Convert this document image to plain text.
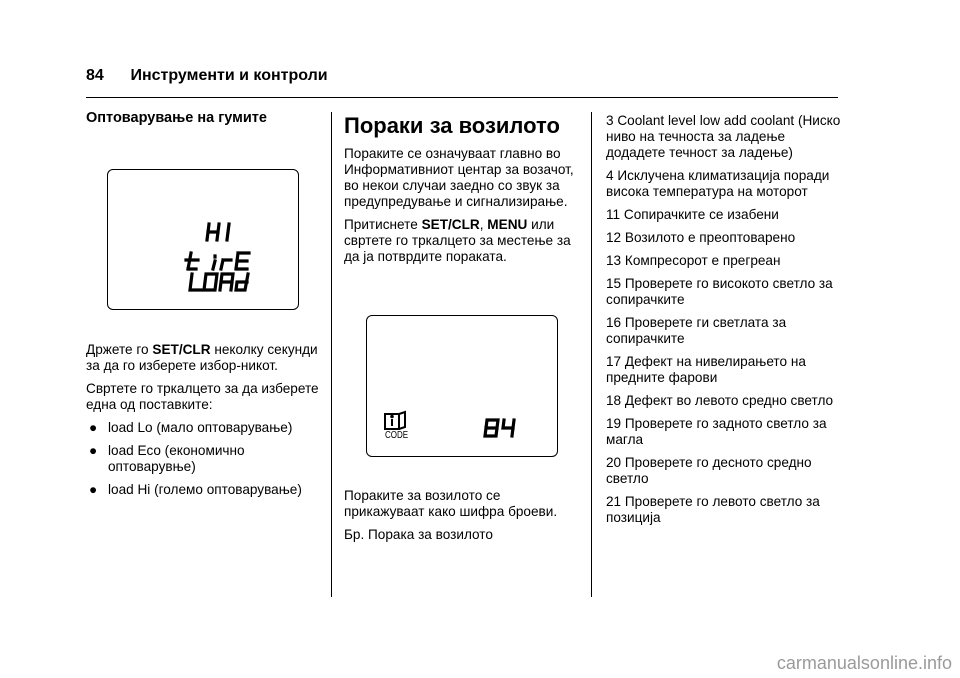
84 Инструменти и контроли
Оптоварување на гумите

Држете го SET/CLR неколку секунди за да го изберете избор-никот.

Свртете го тркалцето за да изберете една од поставките:

● load Lo (мало оптоварување)
● load Eco (економично оптоварувње)
● load Hi (големо оптоварување)
Пораки за возилото

Пораките се означуваат главно во Информативниот центар за возачот, во некои случаи заедно со звук за предупредување и сигнализирање.

Притиснете SET/CLR, MENU или свртете го тркалцето за местење за да ја потврдите пораката.

CODE

Пораките за возилото се прикажуваат како шифра броеви.

Бр. Порака за возилото

3 Coolant level low add coolant (Ниско ниво на течноста за ладење додадете течност за ладење)

4 Исклучена климатизација поради висока температура на моторот

11 Сопирачките се изабени

12 Возилото е преоптоварено

13 Компресорот е прегреан

15 Проверете го високото светло за сопирачките

16 Проверете ги светлата за сопирачките

17 Дефект на нивелирањето на предните фарови

18 Дефект во левото средно светло

19 Проверете го задното светло за магла

20 Проверете го десното средно светло

21 Проверете го левото светло за позиција

carmanualsonline.info
